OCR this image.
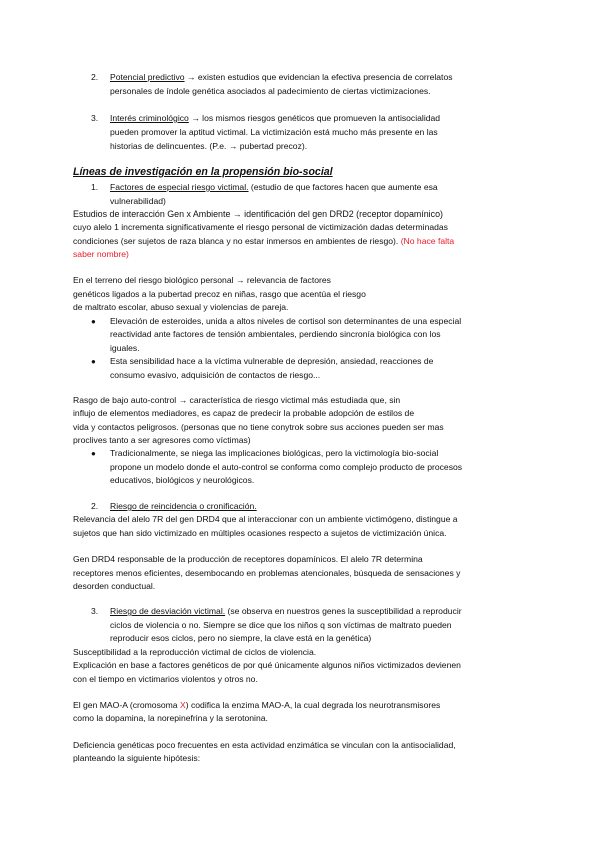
2. Potencial predictivo → existen estudios que evidencian la efectiva presencia de correlatos

personales de índole genética asociados al padecimiento de ciertas victimizaciones.

3. Interés criminológico → los mismos riesgos genéticos que promueven la antisocialidad

pueden promover la aptitud victimal. La victimización está mucho más presente en las

historias de delincuentes. (P.e. → pubertad precoz).

Líneas de investigación en la propensión bio-social
1. Factores de especial riesgo victimal. (estudio de que factores hacen que aumente esa

vulnerabilidad)

Estudios de interacción Gen x Ambiente → identificación del gen DRD2 (receptor dopamínico)

cuyo alelo 1 incrementa significativamente el riesgo personal de victimización dadas determinadas

condiciones (ser sujetos de raza blanca y no estar inmersos en ambientes de riesgo). (No hace falta

saber nombre)

En el terreno del riesgo biológico personal → relevancia de factores

genéticos ligados a la pubertad precoz en niñas, rasgo que acentúa el riesgo

de maltrato escolar, abuso sexual y violencias de pareja.

● Elevación de esteroides, unida a altos niveles de cortisol son determinantes de una especial

reactividad ante factores de tensión ambientales, perdiendo sincronía biológica con los

iguales.

● Esta sensibilidad hace a la víctima vulnerable de depresión, ansiedad, reacciones de

consumo evasivo, adquisición de contactos de riesgo...

Rasgo de bajo auto-control → característica de riesgo victimal más estudiada que, sin

influjo de elementos mediadores, es capaz de predecir la probable adopción de estilos de

vida y contactos peligrosos. (personas que no tiene conytrok sobre sus acciones pueden ser mas

proclives tanto a ser agresores como víctimas)

● Tradicionalmente, se niega las implicaciones biológicas, pero la victimología bio-social

propone un modelo donde el auto-control se conforma como complejo producto de procesos

educativos, biológicos y neurológicos.

2. Riesgo de reincidencia o cronificación.

Relevancia del alelo 7R del gen DRD4 que al interaccionar con un ambiente victimógeno, distingue a

sujetos que han sido victimizado en múltiples ocasiones respecto a sujetos de victimización única.

Gen DRD4 responsable de la producción de receptores dopamínicos. El alelo 7R determina

receptores menos eficientes, desembocando en problemas atencionales, búsqueda de sensaciones y

desorden conductual.

3. Riesgo de desviación victimal. (se observa en nuestros genes la susceptibilidad a reproducir

ciclos de violencia o no. Siempre se dice que los niños q son víctimas de maltrato pueden

reproducir esos ciclos, pero no siempre, la clave está en la genética)

Susceptibilidad a la reproducción victimal de ciclos de violencia.

Explicación en base a factores genéticos de por qué únicamente algunos niños victimizados devienen

con el tiempo en victimarios violentos y otros no.

El gen MAO-A (cromosoma X) codifica la enzima MAO-A, la cual degrada los neurotransmisores

como la dopamina, la norepinefrina y la serotonina.

Deficiencia genéticas poco frecuentes en esta actividad enzimática se vinculan con la antisocialidad,

planteando la siguiente hipótesis:
